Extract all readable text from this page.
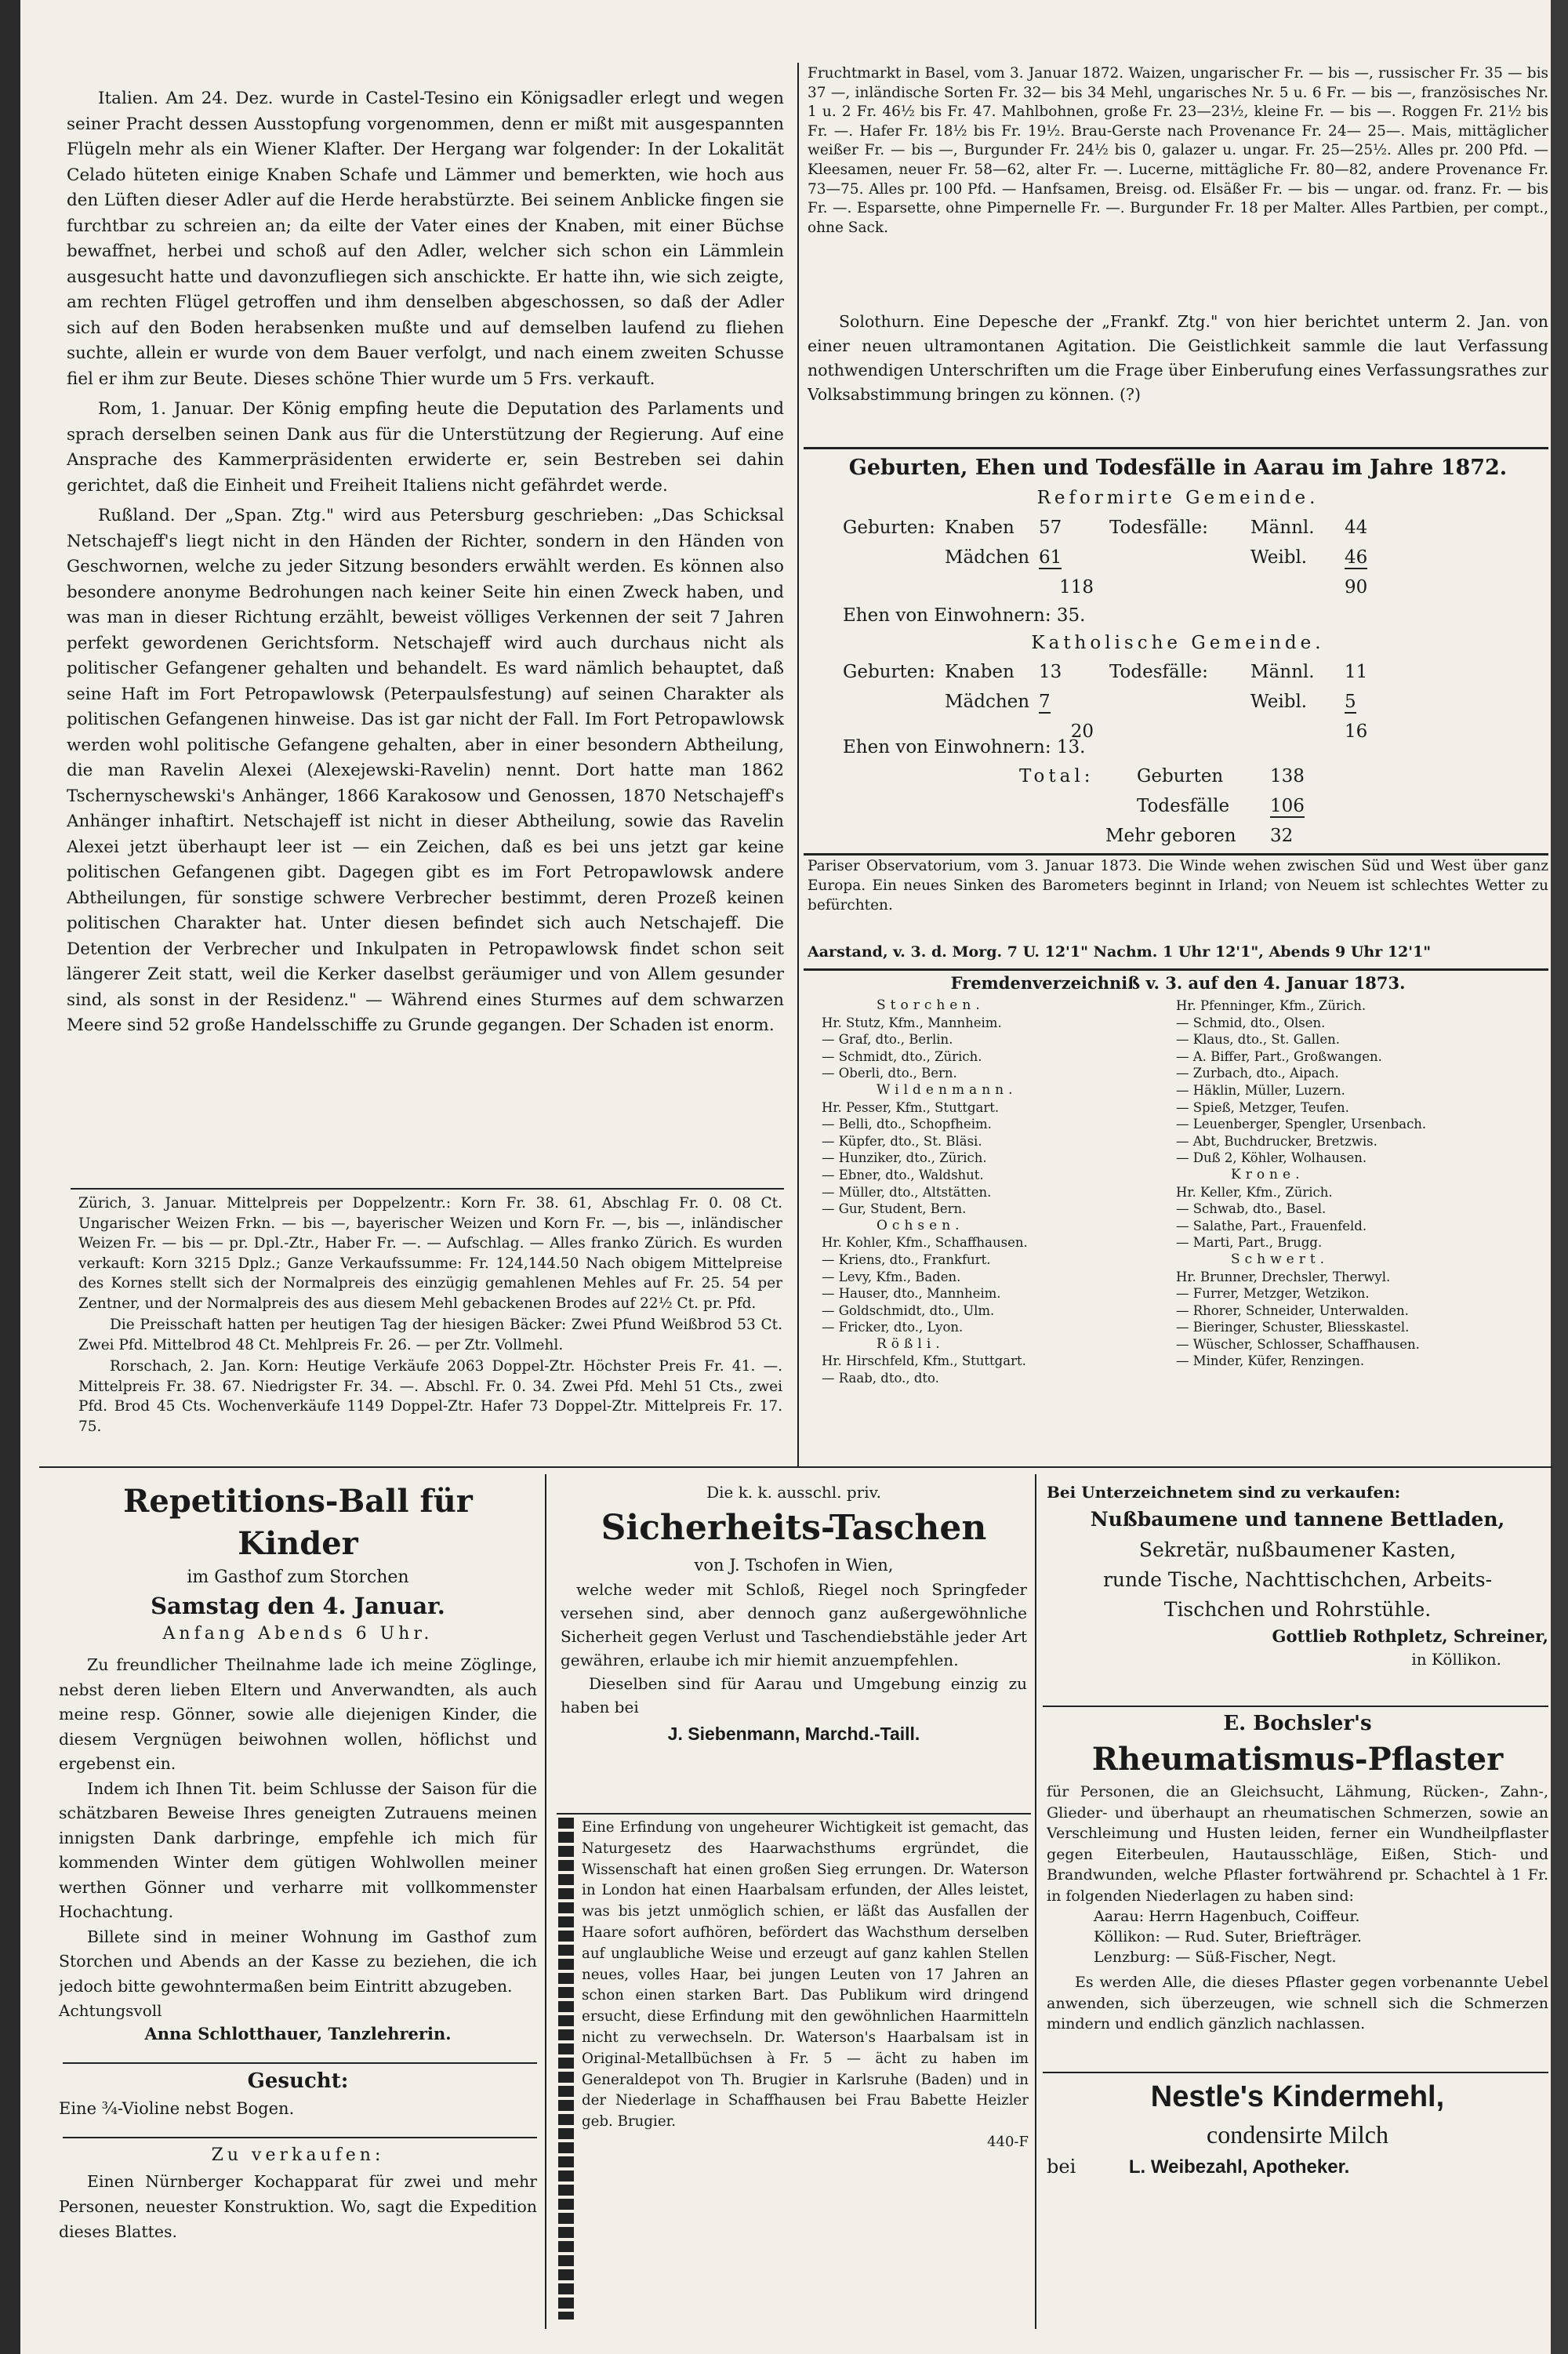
Italien. Am 24. Dez. wurde in Castel-Tesino ein Königsadler erlegt und wegen seiner Pracht dessen Ausstopfung vorgenommen, denn er mißt mit ausgespannten Flügeln mehr als ein Wiener Klafter. Der Hergang war folgender: In der Lokalität Celado hüteten einige Knaben Schafe und Lämmer und bemerkten, wie hoch aus den Lüften dieser Adler auf die Herde herabstürzte. Bei seinem Anblicke fingen sie furchtbar zu schreien an; da eilte der Vater eines der Knaben, mit einer Büchse bewaffnet, herbei und schoß auf den Adler, welcher sich schon ein Lämmlein ausgesucht hatte und davonzufliegen sich anschickte. Er hatte ihn, wie sich zeigte, am rechten Flügel getroffen und ihm denselben abgeschossen, so daß der Adler sich auf den Boden herabsenken mußte und auf demselben laufend zu fliehen suchte, allein er wurde von dem Bauer verfolgt, und nach einem zweiten Schusse fiel er ihm zur Beute. Dieses schöne Thier wurde um 5 Frs. verkauft.

Rom, 1. Januar. Der König empfing heute die Deputation des Parlaments und sprach derselben seinen Dank aus für die Unterstützung der Regierung. Auf eine Ansprache des Kammerpräsidenten erwiderte er, sein Bestreben sei dahin gerichtet, daß die Einheit und Freiheit Italiens nicht gefährdet werde.

Rußland. Der „Span. Ztg." wird aus Petersburg geschrieben: „Das Schicksal Netschajeff's liegt nicht in den Händen der Richter, sondern in den Händen von Geschwornen, welche zu jeder Sitzung besonders erwählt werden. Es können also besondere anonyme Bedrohungen nach keiner Seite hin einen Zweck haben, und was man in dieser Richtung erzählt, beweist völliges Verkennen der seit 7 Jahren perfekt gewordenen Gerichtsform. Netschajeff wird auch durchaus nicht als politischer Gefangener gehalten und behandelt. Es ward nämlich behauptet, daß seine Haft im Fort Petropawlowsk (Peterpaulsfestung) auf seinen Charakter als politischen Gefangenen hinweise. Das ist gar nicht der Fall. Im Fort Petropawlowsk werden wohl politische Gefangene gehalten, aber in einer besondern Abtheilung, die man Ravelin Alexei (Alexejewski-Ravelin) nennt. Dort hatte man 1862 Tschernyschewski's Anhänger, 1866 Karakosow und Genossen, 1870 Netschajeff's Anhänger inhaftirt. Netschajeff ist nicht in dieser Abtheilung, sowie das Ravelin Alexei jetzt überhaupt leer ist — ein Zeichen, daß es bei uns jetzt gar keine politischen Gefangenen gibt. Dagegen gibt es im Fort Petropawlowsk andere Abtheilungen, für sonstige schwere Verbrecher bestimmt, deren Prozeß keinen politischen Charakter hat. Unter diesen befindet sich auch Netschajeff. Die Detention der Verbrecher und Inkulpaten in Petropawlowsk findet schon seit längerer Zeit statt, weil die Kerker daselbst geräumiger und von Allem gesunder sind, als sonst in der Residenz." — Während eines Sturmes auf dem schwarzen Meere sind 52 große Handelsschiffe zu Grunde gegangen. Der Schaden ist enorm.

Zürich, 3. Januar. Mittelpreis per Doppelzentr.: Korn Fr. 38. 61, Abschlag Fr. 0. 08 Ct. Ungarischer Weizen Frkn. — bis —, bayerischer Weizen und Korn Fr. —, bis —, inländischer Weizen Fr. — bis — pr. Dpl.-Ztr., Haber Fr. —. — Aufschlag. — Alles franko Zürich. Es wurden verkauft: Korn 3215 Dplz.; Ganze Verkaufssumme: Fr. 124,144.50 Nach obigem Mittelpreise des Kornes stellt sich der Normalpreis des einzügig gemahlenen Mehles auf Fr. 25. 54 per Zentner, und der Normalpreis des aus diesem Mehl gebackenen Brodes auf 22½ Ct. pr. Pfd.

Die Preisschaft hatten per heutigen Tag der hiesigen Bäcker: Zwei Pfund Weißbrod 53 Ct. Zwei Pfd. Mittelbrod 48 Ct. Mehlpreis Fr. 26. — per Ztr. Vollmehl.

Rorschach, 2. Jan. Korn: Heutige Verkäufe 2063 Doppel-Ztr. Höchster Preis Fr. 41. —. Mittelpreis Fr. 38. 67. Niedrigster Fr. 34. —. Abschl. Fr. 0. 34. Zwei Pfd. Mehl 51 Cts., zwei Pfd. Brod 45 Cts. Wochenverkäufe 1149 Doppel-Ztr. Hafer 73 Doppel-Ztr. Mittelpreis Fr. 17. 75.

Fruchtmarkt in Basel, vom 3. Januar 1872. Waizen, ungarischer Fr. — bis —, russischer Fr. 35 — bis 37 —, inländische Sorten Fr. 32— bis 34 Mehl, ungarisches Nr. 5 u. 6 Fr. — bis —, französisches Nr. 1 u. 2 Fr. 46½ bis Fr. 47. Mahlbohnen, große Fr. 23—23½, kleine Fr. — bis —. Roggen Fr. 21½ bis Fr. —. Hafer Fr. 18½ bis Fr. 19½. Brau-Gerste nach Provenance Fr. 24— 25—. Mais, mittäglicher weißer Fr. — bis —, Burgunder Fr. 24½ bis 0, galazer u. ungar. Fr. 25—25½. Alles pr. 200 Pfd. — Kleesamen, neuer Fr. 58—62, alter Fr. —. Lucerne, mittägliche Fr. 80—82, andere Provenance Fr. 73—75. Alles pr. 100 Pfd. — Hanfsamen, Breisg. od. Elsäßer Fr. — bis — ungar. od. franz. Fr. — bis Fr. —. Esparsette, ohne Pimpernelle Fr. —. Burgunder Fr. 18 per Malter. Alles Partbien, per compt., ohne Sack.

Solothurn. Eine Depesche der „Frankf. Ztg." von hier berichtet unterm 2. Jan. von einer neuen ultramontanen Agitation. Die Geistlichkeit sammle die laut Verfassung nothwendigen Unterschriften um die Frage über Einberufung eines Verfassungsrathes zur Volksabstimmung bringen zu können. (?)

Geburten, Ehen und Todesfälle in Aarau im Jahre 1872.
Reformirte Gemeinde.
Geburten:	Knaben	57	Todesfälle:	Männl.	44
	Mädchen	61		Weibl.	46
		118			90
Ehen von Einwohnern: 35.
Katholische Gemeinde.
Geburten:	Knaben	13	Todesfälle:	Männl.	11
	Mädchen	7		Weibl.	5
		20			16
Ehen von Einwohnern: 13.
Total:	Geburten	138
	Todesfälle	106
Mehr geboren		32

Pariser Observatorium, vom 3. Januar 1873. Die Winde wehen zwischen Süd und West über ganz Europa. Ein neues Sinken des Barometers beginnt in Irland; von Neuem ist schlechtes Wetter zu befürchten.

Aarstand, v. 3. d. Morg. 7 U. 12'1" Nachm. 1 Uhr 12'1", Abends 9 Uhr 12'1"
Fremdenverzeichniß v. 3. auf den 4. Januar 1873.
Storchen.
Hr. Stutz, Kfm., Mannheim.
— Graf, dto., Berlin.
— Schmidt, dto., Zürich.
— Oberli, dto., Bern.
Wildenmann.
Hr. Pesser, Kfm., Stuttgart.
— Belli, dto., Schopfheim.
— Küpfer, dto., St. Bläsi.
— Hunziker, dto., Zürich.
— Ebner, dto., Waldshut.
— Müller, dto., Altstätten.
— Gur, Student, Bern.
Ochsen.
Hr. Kohler, Kfm., Schaffhausen.
— Kriens, dto., Frankfurt.
— Levy, Kfm., Baden.
— Hauser, dto., Mannheim.
— Goldschmidt, dto., Ulm.
— Fricker, dto., Lyon.
Rößli.
Hr. Hirschfeld, Kfm., Stuttgart.
— Raab, dto., dto.
Hr. Pfenninger, Kfm., Zürich.
— Schmid, dto., Olsen.
— Klaus, dto., St. Gallen.
— A. Biffer, Part., Großwangen.
— Zurbach, dto., Aipach.
— Häklin, Müller, Luzern.
— Spieß, Metzger, Teufen.
— Leuenberger, Spengler, Ursenbach.
— Abt, Buchdrucker, Bretzwis.
— Duß 2, Köhler, Wolhausen.
Krone.
Hr. Keller, Kfm., Zürich.
— Schwab, dto., Basel.
— Salathe, Part., Frauenfeld.
— Marti, Part., Brugg.
Schwert.
Hr. Brunner, Drechsler, Therwyl.
— Furrer, Metzger, Wetzikon.
— Rhorer, Schneider, Unterwalden.
— Bieringer, Schuster, Bliesskastel.
— Wüscher, Schlosser, Schaffhausen.
— Minder, Küfer, Renzingen.
Repetitions-Ball für Kinder
im Gasthof zum Storchen
Samstag den 4. Januar.
Anfang Abends 6 Uhr.
Zu freundlicher Theilnahme lade ich meine Zöglinge, nebst deren lieben Eltern und Anverwandten, als auch meine resp. Gönner, sowie alle diejenigen Kinder, die diesem Vergnügen beiwohnen wollen, höflichst und ergebenst ein.
Indem ich Ihnen Tit. beim Schlusse der Saison für die schätzbaren Beweise Ihres geneigten Zutrauens meinen innigsten Dank darbringe, empfehle ich mich für kommenden Winter dem gütigen Wohlwollen meiner werthen Gönner und verharre mit vollkommenster Hochachtung.
Billete sind in meiner Wohnung im Gasthof zum Storchen und Abends an der Kasse zu beziehen, die ich jedoch bitte gewohntermaßen beim Eintritt abzugeben.
Achtungsvoll
Anna Schlotthauer, Tanzlehrerin.
Gesucht:
Eine ¾-Violine nebst Bogen.
Zu verkaufen:
Einen Nürnberger Kochapparat für zwei und mehr Personen, neuester Konstruktion. Wo, sagt die Expedition dieses Blattes.
Die k. k. ausschl. priv.
Sicherheits-Taschen
von J. Tschofen in Wien,
welche weder mit Schloß, Riegel noch Springfeder versehen sind, aber dennoch ganz außergewöhnliche Sicherheit gegen Verlust und Taschendiebstähle jeder Art gewähren, erlaube ich mir hiemit anzuempfehlen.
Dieselben sind für Aarau und Umgebung einzig zu haben bei
J. Siebenmann, Marchd.-Taill.
Eine Erfindung von ungeheurer Wichtigkeit ist gemacht, das Naturgesetz des Haarwachsthums ergründet, die Wissenschaft hat einen großen Sieg errungen. Dr. Waterson in London hat einen Haarbalsam erfunden, der Alles leistet, was bis jetzt unmöglich schien, er läßt das Ausfallen der Haare sofort aufhören, befördert das Wachsthum derselben auf unglaubliche Weise und erzeugt auf ganz kahlen Stellen neues, volles Haar, bei jungen Leuten von 17 Jahren an schon einen starken Bart. Das Publikum wird dringend ersucht, diese Erfindung mit den gewöhnlichen Haarmitteln nicht zu verwechseln. Dr. Waterson's Haarbalsam ist in Original-Metallbüchsen à Fr. 5 — ächt zu haben im Generaldepot von Th. Brugier in Karlsruhe (Baden) und in der Niederlage in Schaffhausen bei Frau Babette Heizler geb. Brugier.
440-F
Bei Unterzeichnetem sind zu verkaufen:
Nußbaumene und tannene Bettladen,
Sekretär, nußbaumener Kasten,
runde Tische, Nachttischchen, Arbeits-
Tischchen und Rohrstühle.
Gottlieb Rothpletz, Schreiner,
in Köllikon.
E. Bochsler's
Rheumatismus-Pflaster
für Personen, die an Gleichsucht, Lähmung, Rücken-, Zahn-, Glieder- und überhaupt an rheumatischen Schmerzen, sowie an Verschleimung und Husten leiden, ferner ein Wundheilpflaster gegen Eiterbeulen, Hautausschläge, Eißen, Stich- und Brandwunden, welche Pflaster fortwährend pr. Schachtel à 1 Fr. in folgenden Niederlagen zu haben sind:
Aarau: Herrn Hagenbuch, Coiffeur.
Köllikon: — Rud. Suter, Briefträger.
Lenzburg: — Süß-Fischer, Negt.
Es werden Alle, die dieses Pflaster gegen vorbenannte Uebel anwenden, sich überzeugen, wie schnell sich die Schmerzen mindern und endlich gänzlich nachlassen.
Nestle's Kindermehl,
condensirte Milch
bei	L. Weibezahl, Apotheker.
